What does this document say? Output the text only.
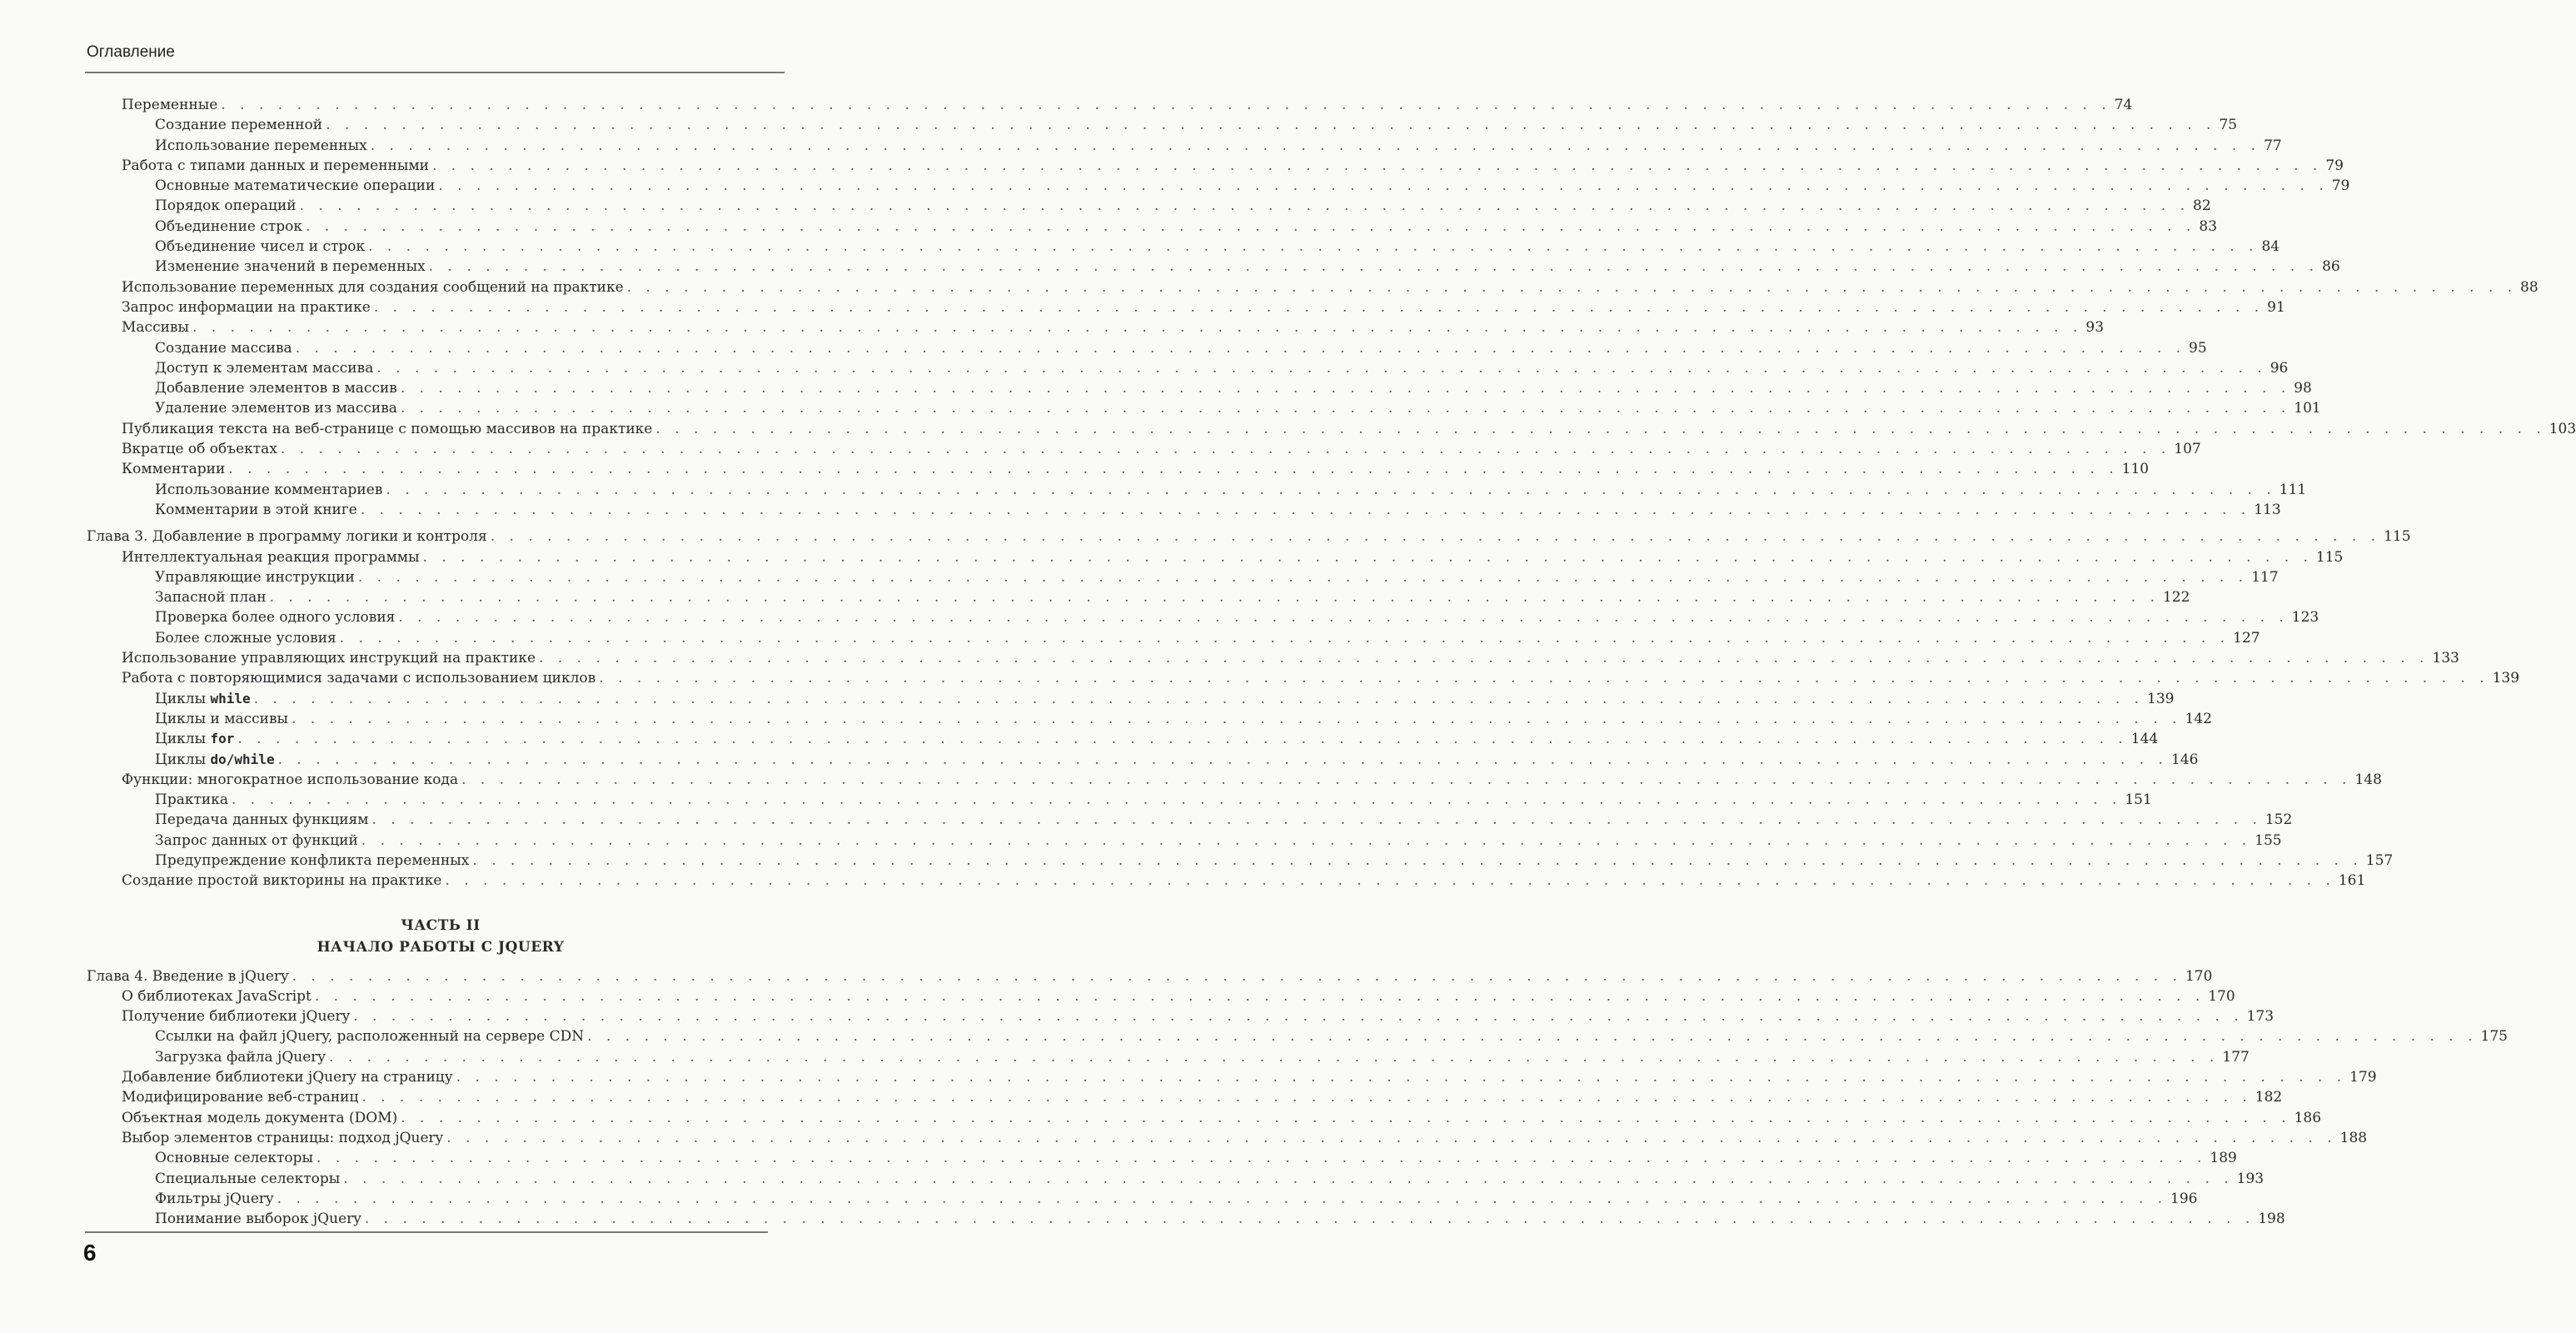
Оглавление
Переменные . . .	74
Создание переменной . . .	75
Использование переменных . . .	77
Работа с типами данных и переменными . . .	79
Основные математические операции . . .	79
Порядок операций . . .	82
Объединение строк . . .	83
Объединение чисел и строк . . .	84
Изменение значений в переменных . . .	86
Использование переменных для создания сообщений на практике . . .	88
Запрос информации на практике . . .	91
Массивы . . .	93
Создание массива . . .	95
Доступ к элементам массива . . .	96
Добавление элементов в массив . . .	98
Удаление элементов из массива . . .	101
Публикация текста на веб-странице с помощью массивов на практике . . .	103
Вкратце об объектах . . .	107
Комментарии . . .	110
Использование комментариев . . .	111
Комментарии в этой книге . . .	113
Глава 3. Добавление в программу логики и контроля . . .	115
Интеллектуальная реакция программы . . .	115
Управляющие инструкции . . .	117
Запасной план . . .	122
Проверка более одного условия . . .	123
Более сложные условия . . .	127
Использование управляющих инструкций на практике . . .	133
Работа с повторяющимися задачами с использованием циклов . . .	139
Циклы while . . .	139
Циклы и массивы . . .	142
Циклы for . . .	144
Циклы do/while . . .	146
Функции: многократное использование кода . . .	148
Практика . . .	151
Передача данных функциям . . .	152
Запрос данных от функций . . .	155
Предупреждение конфликта переменных . . .	157
Создание простой викторины на практике . . .	161
ЧАСТЬ II
НАЧАЛО РАБОТЫ С JQUERY
Глава 4. Введение в jQuery . . .	170
О библиотеках JavaScript . . .	170
Получение библиотеки jQuery . . .	173
Ссылки на файл jQuery, расположенный на сервере CDN . . .	175
Загрузка файла jQuery . . .	177
Добавление библиотеки jQuery на страницу . . .	179
Модифицирование веб-страниц . . .	182
Объектная модель документа (DOM) . . .	186
Выбор элементов страницы: подход jQuery . . .	188
Основные селекторы . . .	189
Специальные селекторы . . .	193
Фильтры jQuery . . .	196
Понимание выборок jQuery . . .	198
6
